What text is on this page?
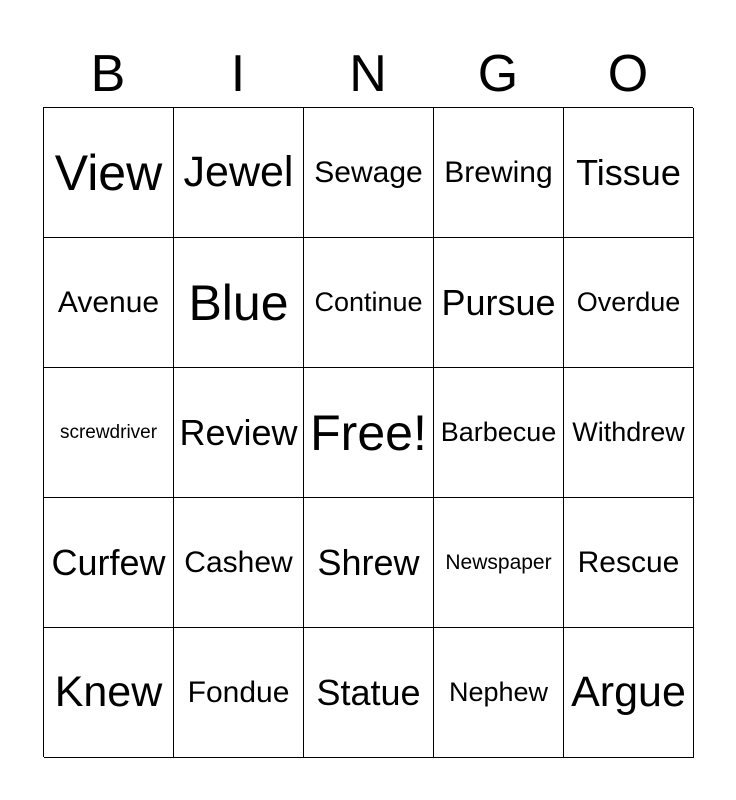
B	I	N	G	O
View Jewel Sewage Brewing Tissue
Avenue Blue Continue Pursue Overdue
screwdriver Review Free! Barbecue Withdrew
Curfew Cashew Shrew	Newspaper Rescue
Knew Fondue Statue	Nephew Argue
